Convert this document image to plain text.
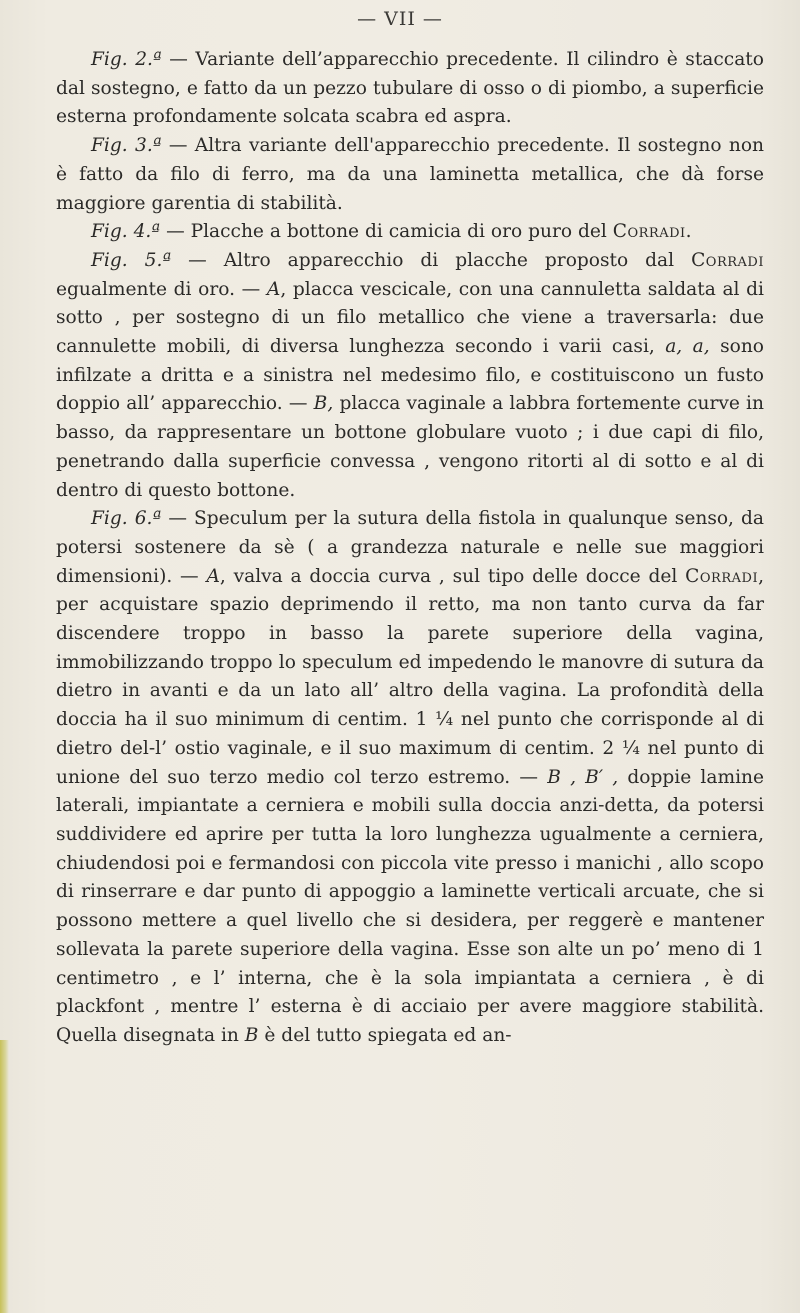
— VII —

Fig. 2.ª — Variante dell’apparecchio precedente. Il cilindro è staccato dal sostegno, e fatto da un pezzo tubulare di osso o di piombo, a superficie esterna profondamente solcata scabra ed aspra.

Fig. 3.ª — Altra variante dell'apparecchio precedente. Il sostegno non è fatto da filo di ferro, ma da una laminetta metallica, che dà forse maggiore garentia di stabilità.

Fig. 4.ª — Placche a bottone di camicia di oro puro del Corradi.

Fig. 5.ª — Altro apparecchio di placche proposto dal Corradi egualmente di oro. — A, placca vescicale, con una cannuletta saldata al di sotto , per sostegno di un filo metallico che viene a traversarla: due cannulette mobili, di diversa lunghezza secondo i varii casi, a, a, sono infilzate a dritta e a sinistra nel medesimo filo, e costituiscono un fusto doppio all’ apparecchio. — B, placca vaginale a labbra fortemente curve in basso, da rappresentare un bottone globulare vuoto ; i due capi di filo, penetrando dalla superficie convessa , vengono ritorti al di sotto e al di dentro di questo bottone.

Fig. 6.ª — Speculum per la sutura della fistola in qualunque senso, da potersi sostenere da sè ( a grandezza naturale e nelle sue maggiori dimensioni). — A, valva a doccia curva , sul tipo delle docce del Corradi, per acquistare spazio deprimendo il retto, ma non tanto curva da far discendere troppo in basso la parete superiore della vagina, immobilizzando troppo lo speculum ed impedendo le manovre di sutura da dietro in avanti e da un lato all’ altro della vagina. La profondità della doccia ha il suo minimum di centim. 1 ¼ nel punto che corrisponde al di dietro del-l’ ostio vaginale, e il suo maximum di centim. 2 ¼ nel punto di unione del suo terzo medio col terzo estremo. — B , B′ , doppie lamine laterali, impiantate a cerniera e mobili sulla doccia anzi-detta, da potersi suddividere ed aprire per tutta la loro lunghezza ugualmente a cerniera, chiudendosi poi e fermandosi con piccola vite presso i manichi , allo scopo di rinserrare e dar punto di appoggio a laminette verticali arcuate, che si possono mettere a quel livello che si desidera, per reggerè e mantener sollevata la parete superiore della vagina. Esse son alte un po’ meno di 1 centimetro , e l’ interna, che è la sola impiantata a cerniera , è di plackfont , mentre l’ esterna è di acciaio per avere maggiore stabilità. Quella disegnata in B è del tutto spiegata ed an-
